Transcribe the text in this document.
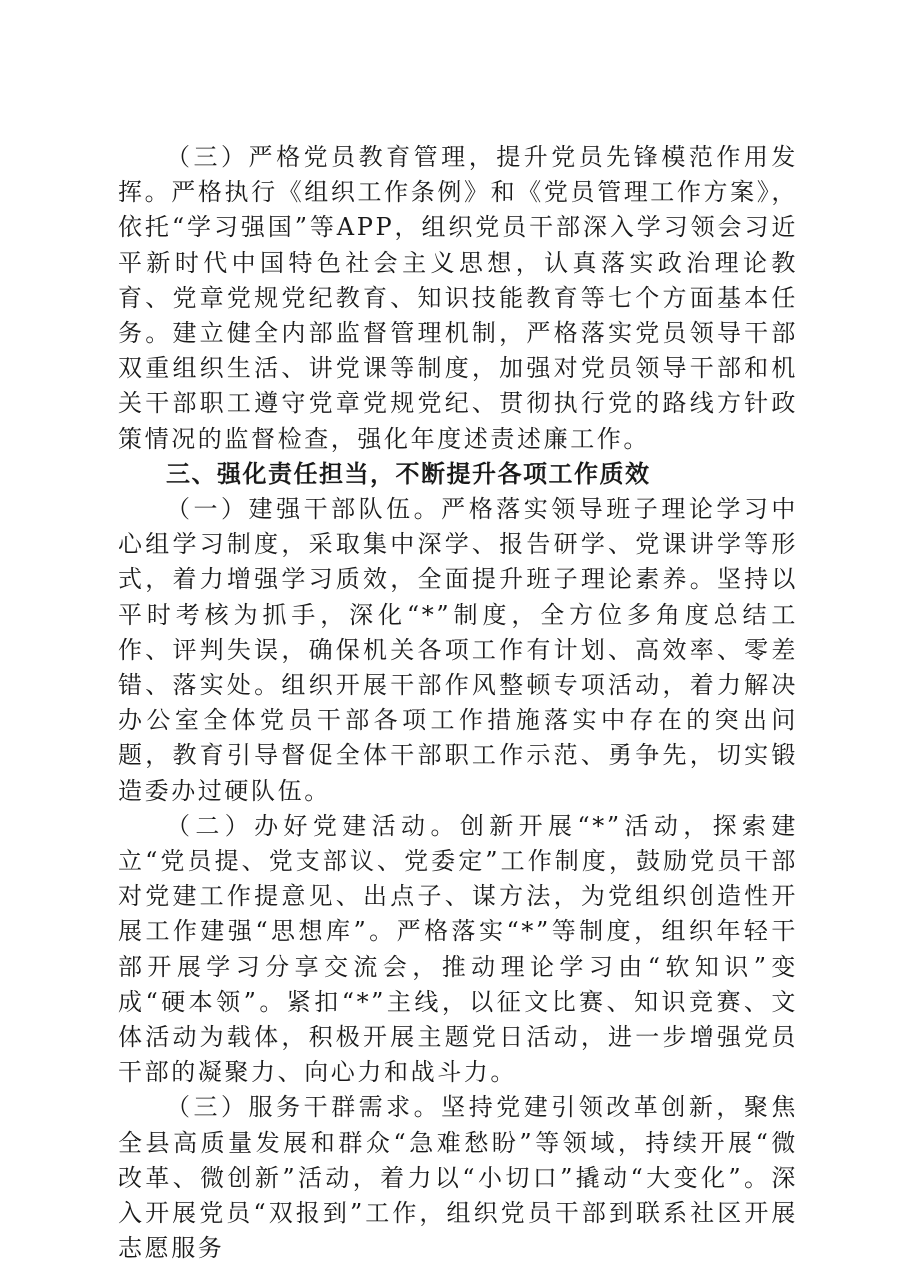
（三）严格党员教育管理，提升党员先锋模范作用发挥。严格执行《组织工作条例》和《党员管理工作方案》，依托“学习强国”等APP，组织党员干部深入学习领会习近平新时代中国特色社会主义思想，认真落实政治理论教育、党章党规党纪教育、知识技能教育等七个方面基本任务。建立健全内部监督管理机制，严格落实党员领导干部双重组织生活、讲党课等制度，加强对党员领导干部和机关干部职工遵守党章党规党纪、贯彻执行党的路线方针政策情况的监督检查，强化年度述责述廉工作。

三、强化责任担当，不断提升各项工作质效

（一）建强干部队伍。严格落实领导班子理论学习中心组学习制度，采取集中深学、报告研学、党课讲学等形式，着力增强学习质效，全面提升班子理论素养。坚持以平时考核为抓手，深化“*”制度，全方位多角度总结工作、评判失误，确保机关各项工作有计划、高效率、零差错、落实处。组织开展干部作风整顿专项活动，着力解决办公室全体党员干部各项工作措施落实中存在的突出问题，教育引导督促全体干部职工作示范、勇争先，切实锻造委办过硬队伍。

（二）办好党建活动。创新开展“*”活动，探索建立“党员提、党支部议、党委定”工作制度，鼓励党员干部对党建工作提意见、出点子、谋方法，为党组织创造性开展工作建强“思想库”。严格落实“*”等制度，组织年轻干部开展学习分享交流会，推动理论学习由“软知识”变成“硬本领”。紧扣“*”主线，以征文比赛、知识竞赛、文体活动为载体，积极开展主题党日活动，进一步增强党员干部的凝聚力、向心力和战斗力。

（三）服务干群需求。坚持党建引领改革创新，聚焦全县高质量发展和群众“急难愁盼”等领域，持续开展“微改革、微创新”活动，着力以“小切口”撬动“大变化”。深入开展党员“双报到”工作，组织党员干部到联系社区开展志愿服务
